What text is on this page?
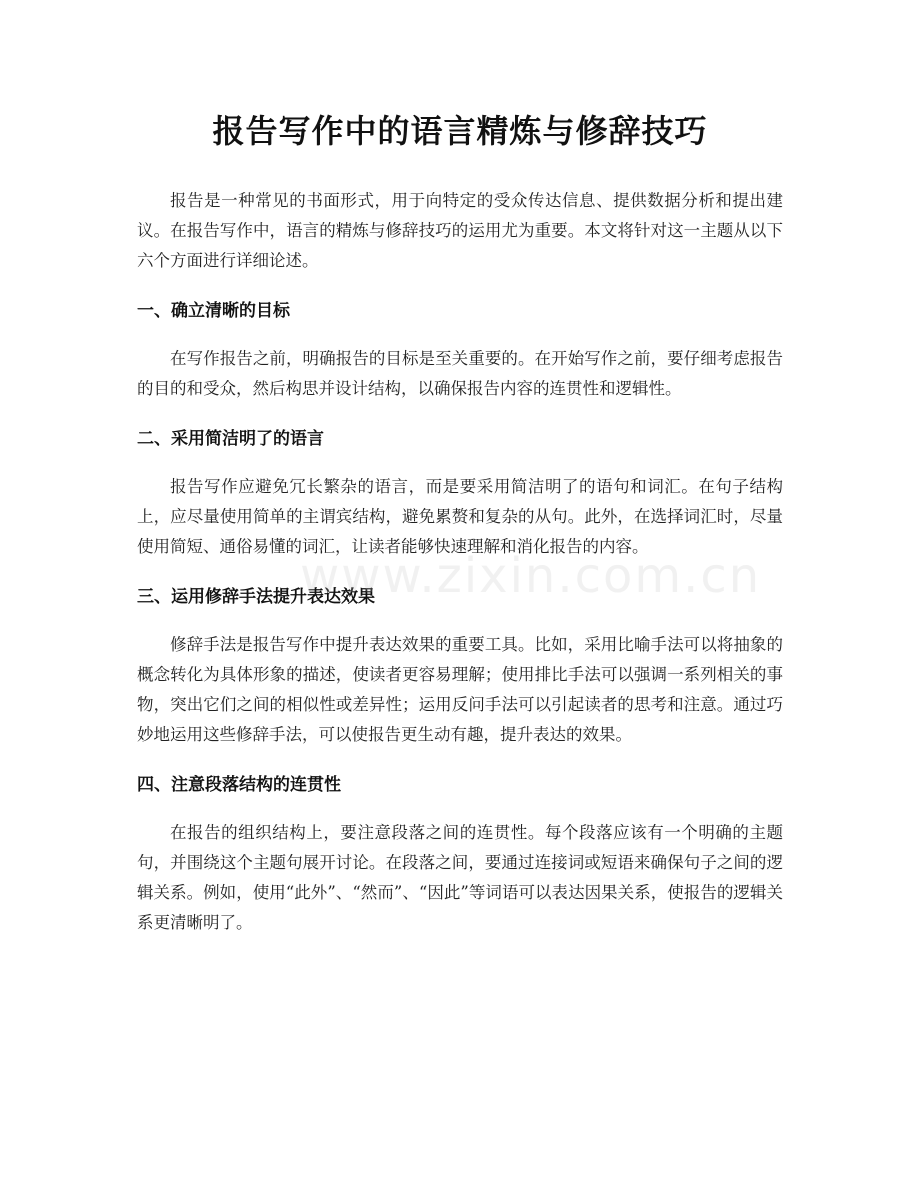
报告写作中的语言精炼与修辞技巧

报告是一种常见的书面形式，用于向特定的受众传达信息、提供数据分析和提出建议。在报告写作中，语言的精炼与修辞技巧的运用尤为重要。本文将针对这一主题从以下六个方面进行详细论述。

一、确立清晰的目标

在写作报告之前，明确报告的目标是至关重要的。在开始写作之前，要仔细考虑报告的目的和受众，然后构思并设计结构，以确保报告内容的连贯性和逻辑性。

二、采用简洁明了的语言

报告写作应避免冗长繁杂的语言，而是要采用简洁明了的语句和词汇。在句子结构上，应尽量使用简单的主谓宾结构，避免累赘和复杂的从句。此外，在选择词汇时，尽量使用简短、通俗易懂的词汇，让读者能够快速理解和消化报告的内容。

三、运用修辞手法提升表达效果

修辞手法是报告写作中提升表达效果的重要工具。比如，采用比喻手法可以将抽象的概念转化为具体形象的描述，使读者更容易理解；使用排比手法可以强调一系列相关的事物，突出它们之间的相似性或差异性；运用反问手法可以引起读者的思考和注意。通过巧妙地运用这些修辞手法，可以使报告更生动有趣，提升表达的效果。

四、注意段落结构的连贯性

在报告的组织结构上，要注意段落之间的连贯性。每个段落应该有一个明确的主题句，并围绕这个主题句展开讨论。在段落之间，要通过连接词或短语来确保句子之间的逻辑关系。例如，使用“此外”、“然而”、“因此”等词语可以表达因果关系，使报告的逻辑关系更清晰明了。

www.zixin.com.cn
